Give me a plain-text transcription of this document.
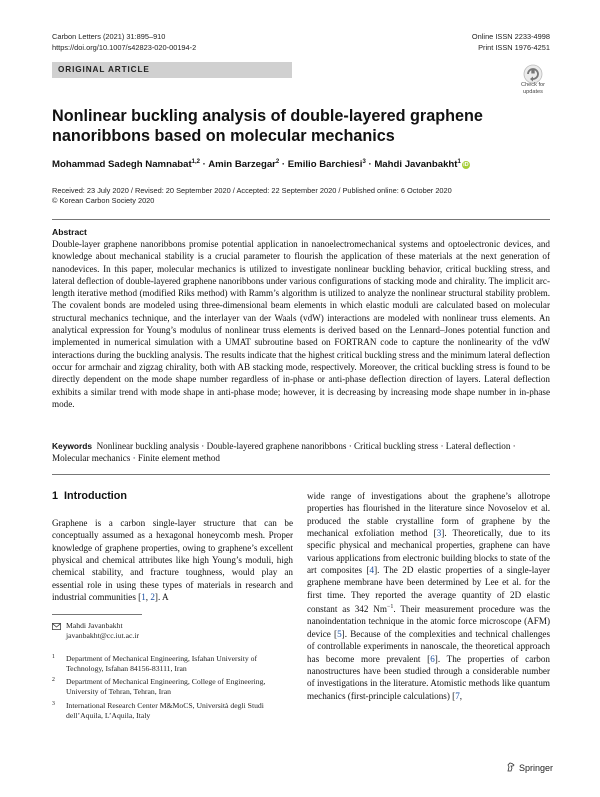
Carbon Letters (2021) 31:895–910
https://doi.org/10.1007/s42823-020-00194-2
Online ISSN 2233-4998
Print ISSN 1976-4251
ORIGINAL ARTICLE
Check for
updates
Nonlinear buckling analysis of double-layered graphene nanoribbons based on molecular mechanics
Mohammad Sadegh Namnabat$^{1,2}$ · Amin Barzegar$^2$ · Emilio Barchiesi$^3$ · Mahdi Javanbakht$^1$iD
Received: 23 July 2020 / Revised: 20 September 2020 / Accepted: 22 September 2020 / Published online: 6 October 2020
© Korean Carbon Society 2020
Abstract
Double-layer graphene nanoribbons promise potential application in nanoelectromechanical systems and optoelectronic devices, and knowledge about mechanical stability is a crucial parameter to flourish the application of these materials at the next generation of nanodevices. In this paper, molecular mechanics is utilized to investigate nonlinear buckling behavior, critical buckling stress, and lateral deflection of double-layered graphene nanoribbons under various configurations of stacking mode and chirality. The implicit arc-length iterative method (modified Riks method) with Ramm’s algorithm is utilized to analyze the nonlinear structural stability problem. The covalent bonds are modeled using three-dimensional beam elements in which elastic moduli are calculated based on molecular structural mechanics technique, and the interlayer van der Waals (vdW) interactions are modeled with nonlinear truss elements. An analytical expression for Young’s modulus of nonlinear truss elements is derived based on the Lennard–Jones potential function and implemented in numerical simulation with a UMAT subroutine based on FORTRAN code to capture the nonlinearity of the vdW interactions during the buckling analysis. The results indicate that the highest critical buckling stress and the minimum lateral deflection occur for armchair and zigzag chirality, both with AB stacking mode, respectively. Moreover, the critical buckling stress is found to be directly dependent on the mode shape number regardless of in-phase or anti-phase deflection direction of layers. Lateral deflection exhibits a similar trend with mode shape in anti-phase mode; however, it is decreasing by increasing mode shape number in in-phase mode.
Keywords Nonlinear buckling analysis · Double-layered graphene nanoribbons · Critical buckling stress · Lateral deflection · Molecular mechanics · Finite element method
1 Introduction
Graphene is a carbon single-layer structure that can be conceptually assumed as a hexagonal honeycomb mesh. Proper knowledge of graphene properties, owing to graphene’s excellent physical and chemical attributes like high Young’s moduli, high chemical stability, and fracture toughness, would play an essential role in using these types of materials in research and industrial communities [1, 2]. A
wide range of investigations about the graphene’s allotrope properties has flourished in the literature since Novoselov et al. produced the stable crystalline form of graphene by the mechanical exfoliation method [3]. Theoretically, due to its specific physical and mechanical properties, graphene can have various applications from electronic building blocks to state of the art composites [4]. The 2D elastic properties of a single-layer graphene membrane have been determined by Lee et al. for the first time. They reported the average quantity of 2D elastic constant as 342 $Nm^{-1}$. Their measurement procedure was the nanoindentation technique in the atomic force microscope (AFM) device [5]. Because of the complexities and technical challenges of controllable experiments in nanoscale, the theoretical approach has become more prevalent [6]. The properties of carbon nanostructures have been studied through a considerable number of investigations in the literature. Atomistic methods like quantum mechanics (first-principle calculations) [7,
Mahdi Javanbakht
javanbakht@cc.iut.ac.ir
1 Department of Mechanical Engineering, Isfahan University of Technology, Isfahan 84156-83111, Iran
2 Department of Mechanical Engineering, College of Engineering, University of Tehran, Tehran, Iran
3 International Research Center M&MoCS, Università degli Studi dell’Aquila, L’Aquila, Italy
Springer
